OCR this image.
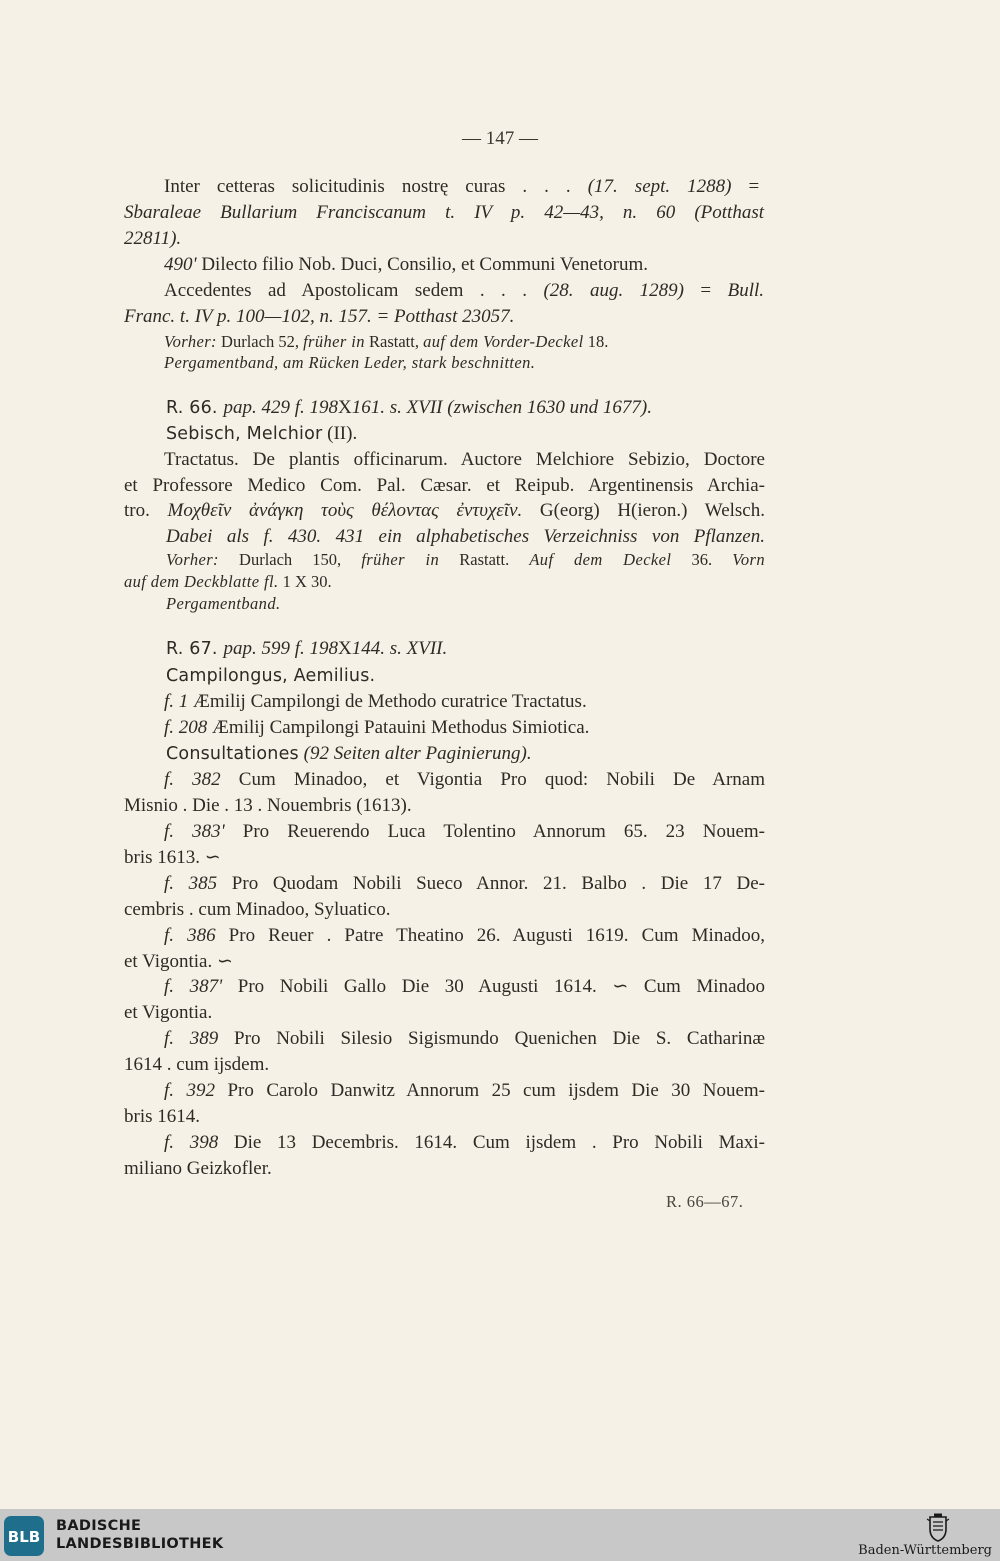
— 147 —
Inter cetteras solicitudinis nostrę curas . . . (17. sept. 1288) =
Sbaraleae Bullarium Franciscanum t. IV p. 42—43, n. 60 (Potthast
22811).
490' Dilecto filio Nob. Duci, Consilio, et Communi Venetorum.
Accedentes ad Apostolicam sedem . . . (28. aug. 1289) = Bull.
Franc. t. IV p. 100—102, n. 157. = Potthast 23057.
Vorher: Durlach 52, früher in Rastatt, auf dem Vorder-Deckel 18.
Pergamentband, am Rücken Leder, stark beschnitten.
R. 66. pap. 429 f. 198X161. s. XVII (zwischen 1630 und 1677).
Sebisch, Melchior (II).
Tractatus. De plantis officinarum. Auctore Melchiore Sebizio, Doctore
et Professore Medico Com. Pal. Cæsar. et Reipub. Argentinensis Archia-
tro. Μοχθεῖν ἀνάγκη τοὺς θέλοντας ἐντυχεῖν. G(eorg) H(ieron.) Welsch.
Dabei als f. 430. 431 ein alphabetisches Verzeichniss von Pflanzen.
Vorher: Durlach 150, früher in Rastatt. Auf dem Deckel 36. Vorn
auf dem Deckblatte fl. 1 X 30.
Pergamentband.
R. 67. pap. 599 f. 198X144. s. XVII.
Campilongus, Aemilius.
f. 1 Æmilij Campilongi de Methodo curatrice Tractatus.
f. 208 Æmilij Campilongi Patauini Methodus Simiotica.
Consultationes (92 Seiten alter Paginierung).
f. 382 Cum Minadoo, et Vigontia Pro quod: Nobili De Arnam
Misnio . Die . 13 . Nouembris (1613).
f. 383' Pro Reuerendo Luca Tolentino Annorum 65. 23 Nouem-
bris 1613. ∽
f. 385 Pro Quodam Nobili Sueco Annor. 21. Balbo . Die 17 De-
cembris . cum Minadoo, Syluatico.
f. 386 Pro Reuer . Patre Theatino 26. Augusti 1619. Cum Minadoo,
et Vigontia. ∽
f. 387' Pro Nobili Gallo Die 30 Augusti 1614. ∽ Cum Minadoo
et Vigontia.
f. 389 Pro Nobili Silesio Sigismundo Quenichen Die S. Catharinæ
1614 . cum ijsdem.
f. 392 Pro Carolo Danwitz Annorum 25 cum ijsdem Die 30 Nouem-
bris 1614.
f. 398 Die 13 Decembris. 1614. Cum ijsdem . Pro Nobili Maxi-
miliano Geizkofler.
R. 66—67.
BLB
BADISCHE
LANDESBIBLIOTHEK	Baden-Württemberg
